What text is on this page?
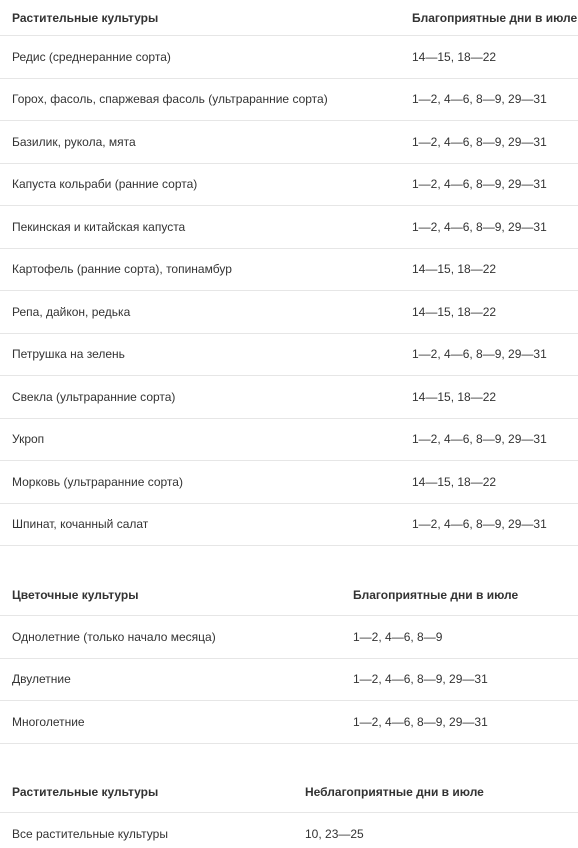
Растительные культуры	Благоприятные дни в июле
Редис (среднеранние сорта)	14—15, 18—22
Горох, фасоль, спаржевая фасоль (ультраранние сорта)	1—2, 4—6, 8—9, 29—31
Базилик, рукола, мята	1—2, 4—6, 8—9, 29—31
Капуста кольраби (ранние сорта)	1—2, 4—6, 8—9, 29—31
Пекинская и китайская капуста	1—2, 4—6, 8—9, 29—31
Картофель (ранние сорта), топинамбур	14—15, 18—22
Репа, дайкон, редька	14—15, 18—22
Петрушка на зелень	1—2, 4—6, 8—9, 29—31
Свекла (ультраранние сорта)	14—15, 18—22
Укроп	1—2, 4—6, 8—9, 29—31
Морковь (ультраранние сорта)	14—15, 18—22
Шпинат, кочанный салат	1—2, 4—6, 8—9, 29—31
Цветочные культуры	Благоприятные дни в июле
Однолетние (только начало месяца)	1—2, 4—6, 8—9
Двулетние	1—2, 4—6, 8—9, 29—31
Многолетние	1—2, 4—6, 8—9, 29—31
Растительные культуры	Неблагоприятные дни в июле
Все растительные культуры	10, 23—25
